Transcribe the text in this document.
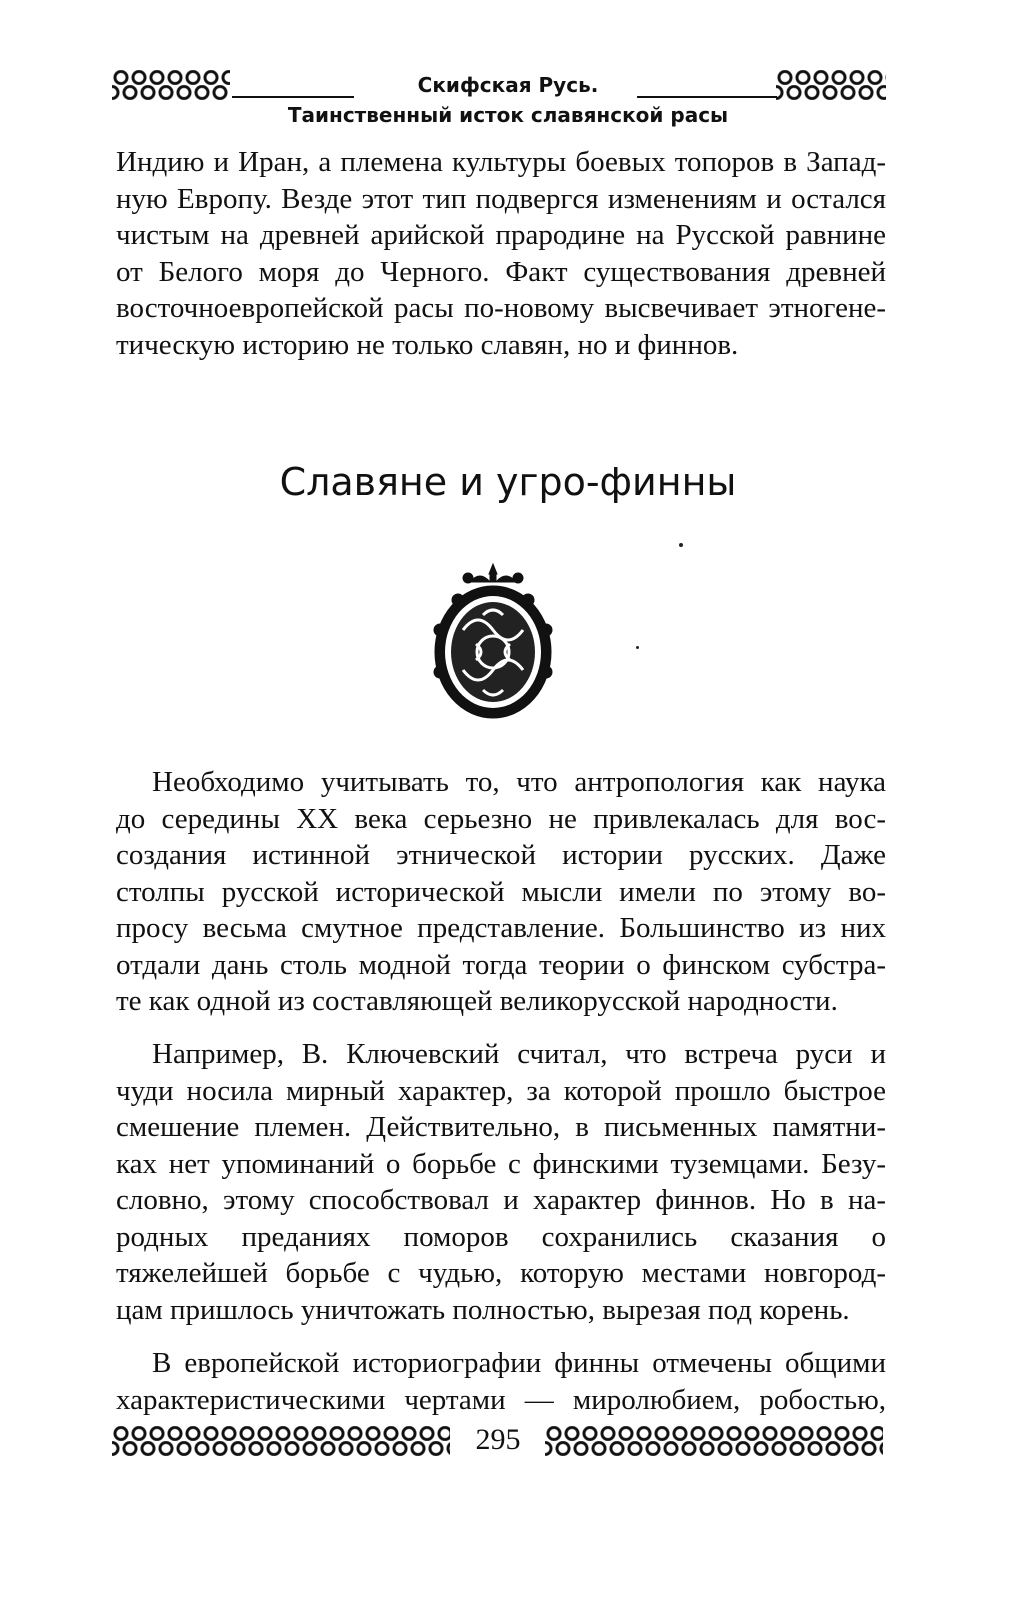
Скифская Русь.
Таинственный исток славянской расы
Индию и Иран, а племена культуры боевых топоров в Запад-
ную Европу. Везде этот тип подвергся изменениям и остался
чистым на древней арийской прародине на Русской равнине
от Белого моря до Черного. Факт существования древней
восточноевропейской расы по-новому высвечивает этногене-
тическую историю не только славян, но и финнов.
Славяне и угро-финны
Необходимо учитывать то, что антропология как наука
до середины XX века серьезно не привлекалась для вос-
создания истинной этнической истории русских. Даже
столпы русской исторической мысли имели по этому во-
просу весьма смутное представление. Большинство из них
отдали дань столь модной тогда теории о финском субстра-
те как одной из составляющей великорусской народности.
Например, В. Ключевский считал, что встреча руси и
чуди носила мирный характер, за которой прошло быстрое
смешение племен. Действительно, в письменных памятни-
ках нет упоминаний о борьбе с финскими туземцами. Безу-
словно, этому способствовал и характер финнов. Но в на-
родных преданиях поморов сохранились сказания о
тяжелейшей борьбе с чудью, которую местами новгород-
цам пришлось уничтожать полностью, вырезая под корень.
В европейской историографии финны отмечены общими
характеристическими чертами — миролюбием, робостью,
295
